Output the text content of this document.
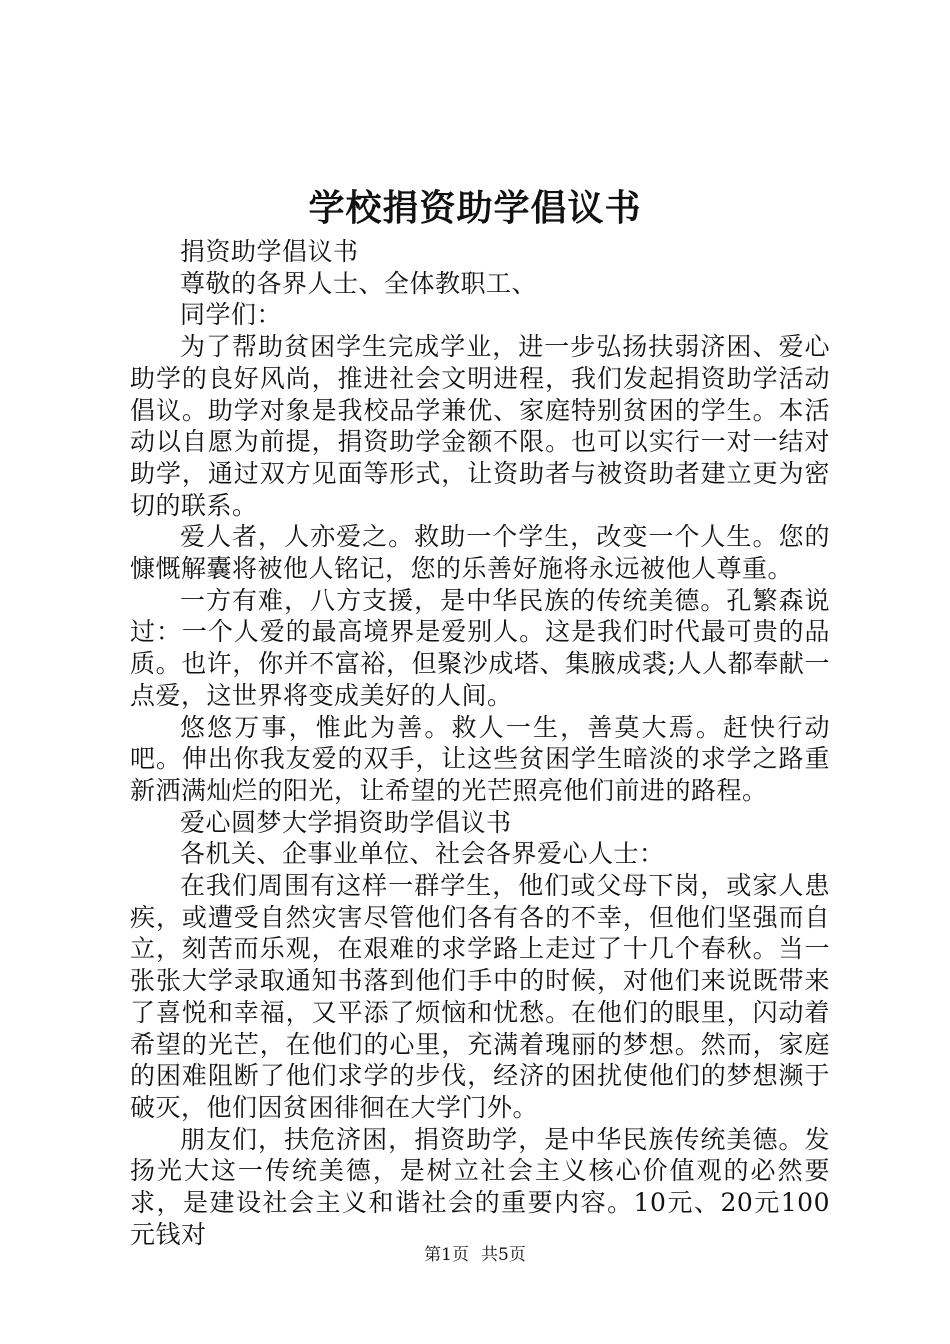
学校捐资助学倡议书

捐资助学倡议书

尊敬的各界人士、全体教职工、

同学们：

为了帮助贫困学生完成学业，进一步弘扬扶弱济困、爱心助学的良好风尚，推进社会文明进程，我们发起捐资助学活动倡议。助学对象是我校品学兼优、家庭特别贫困的学生。本活动以自愿为前提，捐资助学金额不限。也可以实行一对一结对助学，通过双方见面等形式，让资助者与被资助者建立更为密切的联系。

爱人者，人亦爱之。救助一个学生，改变一个人生。您的慷慨解囊将被他人铭记，您的乐善好施将永远被他人尊重。

一方有难，八方支援，是中华民族的传统美德。孔繁森说过：一个人爱的最高境界是爱别人。这是我们时代最可贵的品质。也许，你并不富裕，但聚沙成塔、集腋成裘;人人都奉献一点爱，这世界将变成美好的人间。

悠悠万事，惟此为善。救人一生，善莫大焉。赶快行动吧。伸出你我友爱的双手，让这些贫困学生暗淡的求学之路重新洒满灿烂的阳光，让希望的光芒照亮他们前进的路程。

爱心圆梦大学捐资助学倡议书

各机关、企事业单位、社会各界爱心人士：

在我们周围有这样一群学生，他们或父母下岗，或家人患疾，或遭受自然灾害尽管他们各有各的不幸，但他们坚强而自立，刻苦而乐观，在艰难的求学路上走过了十几个春秋。当一张张大学录取通知书落到他们手中的时候，对他们来说既带来了喜悦和幸福，又平添了烦恼和忧愁。在他们的眼里，闪动着希望的光芒，在他们的心里，充满着瑰丽的梦想。然而，家庭的困难阻断了他们求学的步伐，经济的困扰使他们的梦想濒于破灭，他们因贫困徘徊在大学门外。

朋友们，扶危济困，捐资助学，是中华民族传统美德。发扬光大这一传统美德，是树立社会主义核心价值观的必然要求，是建设社会主义和谐社会的重要内容。10元、20元100元钱对

第1页 共5页
